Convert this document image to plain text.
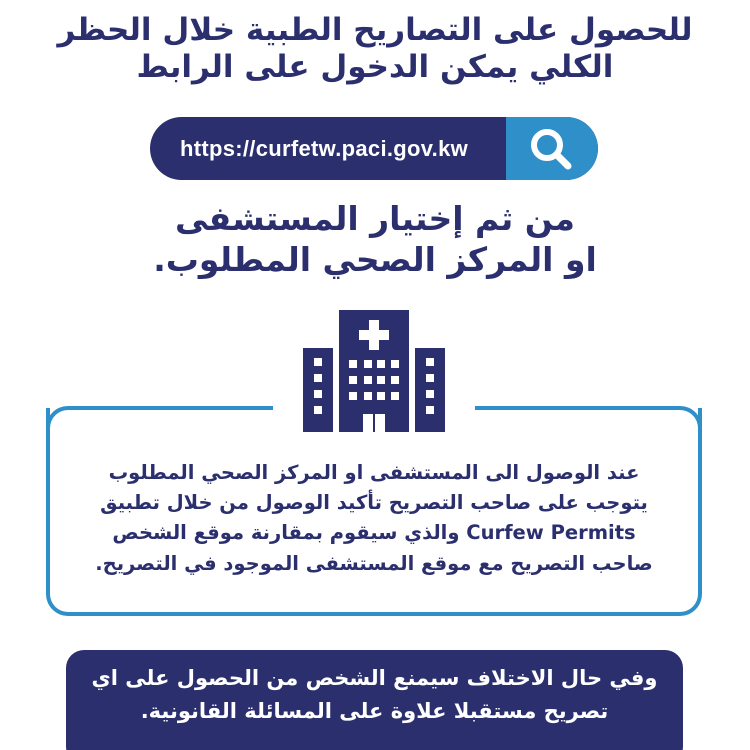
للحصول على التصاريح الطبية خلال الحظر
الكلي يمكن الدخول على الرابط
https://curfetw.paci.gov.kw
من ثم إختيار المستشفى
او المركز الصحي المطلوب.
عند الوصول الى المستشفى او المركز الصحي المطلوب
يتوجب على صاحب التصريح تأكيد الوصول من خلال تطبيق
Curfew Permits والذي سيقوم بمقارنة موقع الشخص
صاحب التصريح مع موقع المستشفى الموجود في التصريح.
وفي حال الاختلاف سيمنع الشخص من الحصول على اي
تصريح مستقبلا علاوة على المسائلة القانونية.
